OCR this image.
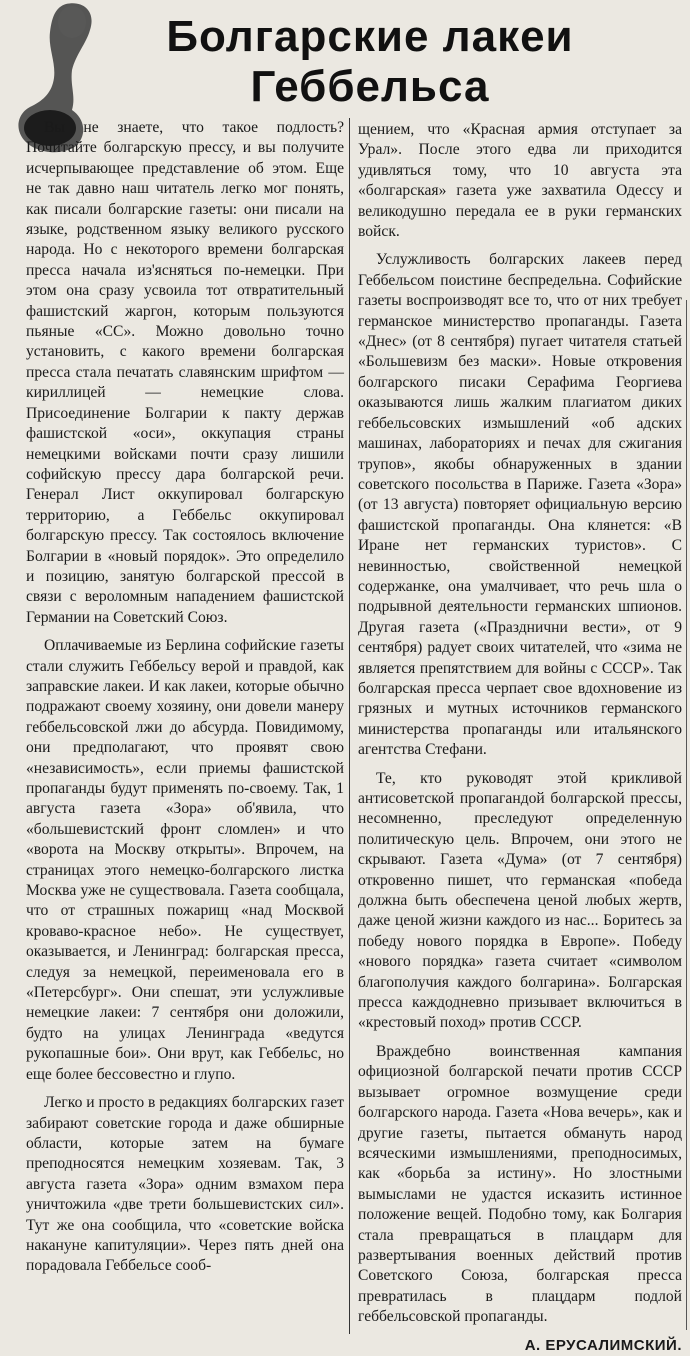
Болгарские лакеи
Геббельса

Вы не знаете, что такое подлость? Почитайте болгарскую прессу, и вы получите исчерпывающее представление об этом. Еще не так давно наш читатель легко мог понять, как писали болгарские газеты: они писали на языке, родственном языку великого русского народа. Но с некоторого времени болгарская пресса начала из'ясняться по-немецки. При этом она сразу усвоила тот отвратительный фашистский жаргон, которым пользуются пьяные «СС». Можно довольно точно установить, с какого времени болгарская пресса стала печатать славянским шрифтом — кириллицей — немецкие слова. Присоединение Болгарии к пакту держав фашистской «оси», оккупация страны немецкими войсками почти сразу лишили софийскую прессу дара болгарской речи. Генерал Лист оккупировал болгарскую территорию, а Геббельс оккупировал болгарскую прессу. Так состоялось включение Болгарии в «новый порядок». Это определило и позицию, занятую болгарской прессой в связи с вероломным нападением фашистской Германии на Советский Союз.

Оплачиваемые из Берлина софийские газеты стали служить Геббельсу верой и правдой, как заправские лакеи. И как лакеи, которые обычно подражают своему хозяину, они довели манеру геббельсовской лжи до абсурда. Повидимому, они предполагают, что проявят свою «независимость», если приемы фашистской пропаганды будут применять по-своему. Так, 1 августа газета «Зора» об'явила, что «большевистский фронт сломлен» и что «ворота на Москву открыты». Впрочем, на страницах этого немецко-болгарского листка Москва уже не существовала. Газета сообщала, что от страшных пожарищ «над Москвой кроваво-красное небо». Не существует, оказывается, и Ленинград: болгарская пресса, следуя за немецкой, переименовала его в «Петерсбург». Они спешат, эти услужливые немецкие лакеи: 7 сентября они доложили, будто на улицах Ленинграда «ведутся рукопашные бои». Они врут, как Геббельс, но еще более бессовестно и глупо.

Легко и просто в редакциях болгарских газет забирают советские города и даже обширные области, которые затем на бумаге преподносятся немецким хозяевам. Так, 3 августа газета «Зора» одним взмахом пера уничтожила «две трети большевистских сил». Тут же она сообщила, что «советские войска накануне капитуляции». Через пять дней она порадовала Геббельсе сооб-

щением, что «Красная армия отступает за Урал». После этого едва ли приходится удивляться тому, что 10 августа эта «болгарская» газета уже захватила Одессу и великодушно передала ее в руки германских войск.

Услужливость болгарских лакеев перед Геббельсом поистине беспредельна. Софийские газеты воспроизводят все то, что от них требует германское министерство пропаганды. Газета «Днес» (от 8 сентября) пугает читателя статьей «Большевизм без маски». Новые откровения болгарского писаки Серафима Георгиева оказываются лишь жалким плагиатом диких геббельсовских измышлений «об адских машинах, лабораториях и печах для сжигания трупов», якобы обнаруженных в здании советского посольства в Париже. Газета «Зора» (от 13 августа) повторяет официальную версию фашистской пропаганды. Она клянется: «В Иране нет германских туристов». С невинностью, свойственной немецкой содержанке, она умалчивает, что речь шла о подрывной деятельности германских шпионов. Другая газета («Празднични вести», от 9 сентября) радует своих читателей, что «зима не является препятствием для войны с СССР». Так болгарская пресса черпает свое вдохновение из грязных и мутных источников германского министерства пропаганды или итальянского агентства Стефани.

Те, кто руководят этой крикливой антисоветской пропагандой болгарской прессы, несомненно, преследуют определенную политическую цель. Впрочем, они этого не скрывают. Газета «Дума» (от 7 сентября) откровенно пишет, что германская «победа должна быть обеспечена ценой любых жертв, даже ценой жизни каждого из нас... Боритесь за победу нового порядка в Европе». Победу «нового порядка» газета считает «символом благополучия каждого болгарина». Болгарская пресса каждодневно призывает включиться в «крестовый поход» против СССР.

Враждебно воинственная кампания официозной болгарской печати против СССР вызывает огромное возмущение среди болгарского народа. Газета «Нова вечерь», как и другие газеты, пытается обмануть народ всяческими измышлениями, преподносимых, как «борьба за истину». Но злостными вымыслами не удастся исказить истинное положение вещей. Подобно тому, как Болгария стала превращаться в плацдарм для развертывания военных действий против Советского Союза, болгарская пресса превратилась в плацдарм подлой геббельсовской пропаганды.

А. ЕРУСАЛИМСКИЙ.
